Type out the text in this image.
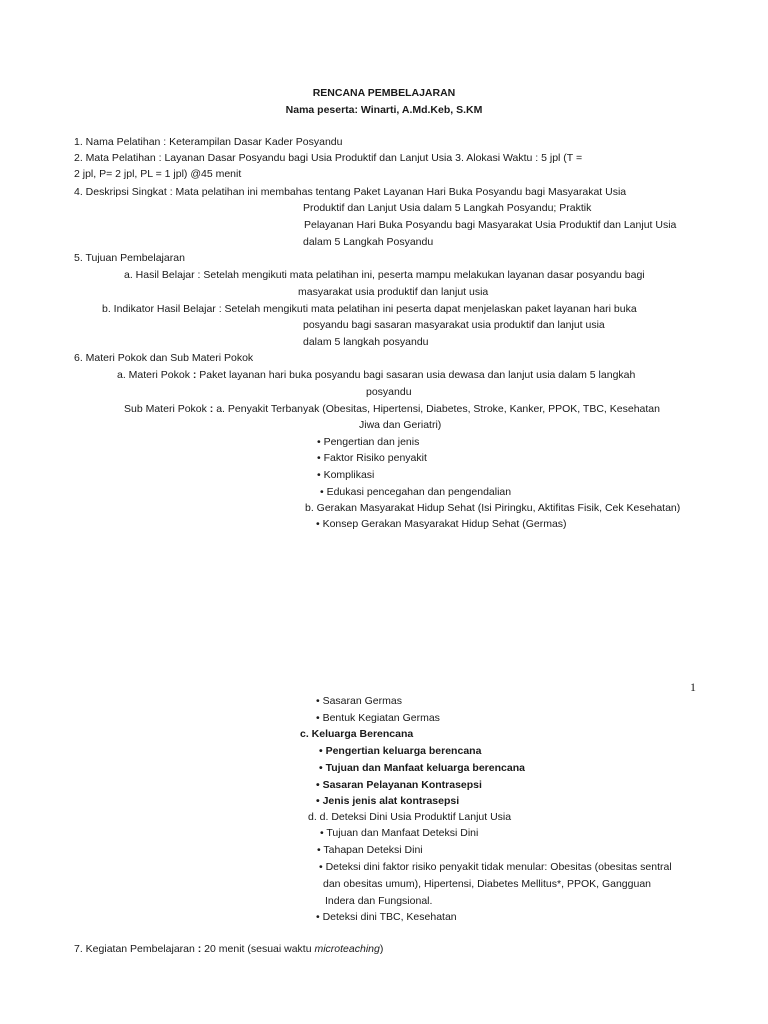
RENCANA PEMBELAJARAN
Nama peserta: Winarti, A.Md.Keb, S.KM
1. Nama Pelatihan : Keterampilan Dasar Kader Posyandu
2. Mata Pelatihan : Layanan Dasar Posyandu bagi Usia Produktif dan Lanjut Usia 3. Alokasi Waktu : 5 jpl (T =
2 jpl, P= 2 jpl, PL = 1 jpl) @45 menit
4. Deskripsi Singkat : Mata pelatihan ini membahas tentang Paket Layanan Hari Buka Posyandu bagi Masyarakat Usia
Produktif dan Lanjut Usia dalam 5 Langkah Posyandu; Praktik
Pelayanan Hari Buka Posyandu bagi Masyarakat Usia Produktif dan Lanjut Usia
dalam 5 Langkah Posyandu
5. Tujuan Pembelajaran
a. Hasil Belajar : Setelah mengikuti mata pelatihan ini, peserta mampu melakukan layanan dasar posyandu bagi
masyarakat usia produktif dan lanjut usia
b. Indikator Hasil Belajar : Setelah mengikuti mata pelatihan ini peserta dapat menjelaskan paket layanan hari buka
posyandu bagi sasaran masyarakat usia produktif dan lanjut usia
dalam 5 langkah posyandu
6. Materi Pokok dan Sub Materi Pokok
a. Materi Pokok : Paket layanan hari buka posyandu bagi sasaran usia dewasa dan lanjut usia dalam 5 langkah
posyandu
Sub Materi Pokok : a. Penyakit Terbanyak (Obesitas, Hipertensi, Diabetes, Stroke, Kanker, PPOK, TBC, Kesehatan
Jiwa dan Geriatri)
• Pengertian dan jenis
• Faktor Risiko penyakit
• Komplikasi
• Edukasi pencegahan dan pengendalian
b. Gerakan Masyarakat Hidup Sehat (Isi Piringku, Aktifitas Fisik, Cek Kesehatan)
• Konsep Gerakan Masyarakat Hidup Sehat (Germas)
1
• Sasaran Germas
• Bentuk Kegiatan Germas
c. Keluarga Berencana
• Pengertian keluarga berencana
• Tujuan dan Manfaat keluarga berencana
• Sasaran Pelayanan Kontrasepsi
• Jenis jenis alat kontrasepsi
d. d. Deteksi Dini Usia Produktif Lanjut Usia
• Tujuan dan Manfaat Deteksi Dini
• Tahapan Deteksi Dini
• Deteksi dini faktor risiko penyakit tidak menular: Obesitas (obesitas sentral
dan obesitas umum), Hipertensi, Diabetes Mellitus*, PPOK, Gangguan
Indera dan Fungsional.
• Deteksi dini TBC, Kesehatan
7. Kegiatan Pembelajaran : 20 menit (sesuai waktu microteaching)
